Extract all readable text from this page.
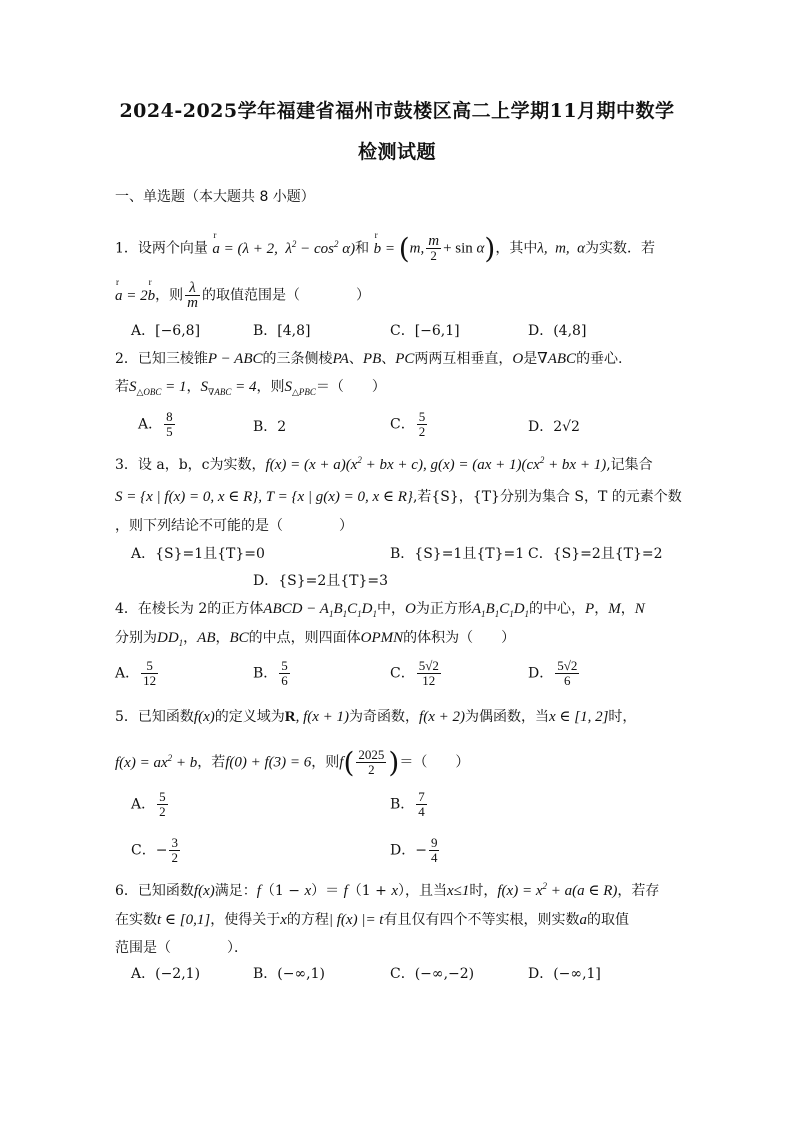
2024-2025学年福建省福州市鼓楼区高二上学期11月期中数学
检测试题
一、单选题（本大题共 8 小题）
1．设两个向量 r a = (λ + 2,  $\lambda^2 - \cos^2 \alpha$)和 r b = (m, $\frac{m}{2} + \sin \alpha$)，其中λ,  m,  α为实数．若
r a = 2r b，则 $\frac{\lambda}{m}$ 的取值范围是（　　　　）
A．[−6,8]	B．[4,8]	C．[−6,1]	D．(4,8]
2．已知三棱锥P − ABC的三条侧棱PA、PB、PC两两互相垂直，O是∇ABC的垂心.
若$S_{\triangle OBC} = 1$，$S_{\nabla ABC} = 4$，则$S_{\triangle PBC}=$（　　）
A． $\frac{8}{5}$	B．2	C． $\frac{5}{2}$	D．2√2
3．设 a，b，c为实数，$f(x) = (x + a)(x^2$ + bx + c), $g(x) = (ax + 1)(cx^2$ + bx + 1),记集合
S = {x | f(x) = 0, x ∈ R}, T = {x | g(x) = 0, x ∈ R},若{S}，{T}分别为集合 S，T 的元素个数
，则下列结论不可能的是（　　　　）
A．{S}=1且{T}=0	B．{S}=1且{T}=1 C．{S}=2且{T}=2
D．{S}=2且{T}=3
4．在棱长为 2的正方体ABCD − $A_1B_1C_1D_1$中，O为正方形$A_1B_1C_1D_1$的中心，P，M，N
分别为$DD_1$，AB，BC的中点，则四面体OPMN的体积为（　　）
A． $\frac{5}{12}$	B． $\frac{5}{6}$	C． $\frac{5√2}{12}$	D． $\frac{5√2}{6}$
5．已知函数f(x)的定义域为R, f(x + 1)为奇函数，f(x + 2)为偶函数，当x ∈ [1, 2]时，
$f(x) = ax^2 + b$，若f(0) + f(3) = 6，则$f( \frac{2025}{2}$ )＝（　　）
A． $\frac{5}{2}$	B． $\frac{7}{4}$
C．− $\frac{3}{2}$	D．− $\frac{9}{4}$
6．已知函数f(x)满足：f（1 − x）＝ f（1 + x），且当x≤1时，$f(x) = x^2 + a(a$ ∈ R)，若存
在实数t ∈ [0,1]，使得关于x的方程| f(x) |= t有且仅有四个不等实根，则实数a的取值
范围是（　　　　）．
A．(−2,1)	B．(−∞,1)	C．(−∞,−2)	D．(−∞,1]
